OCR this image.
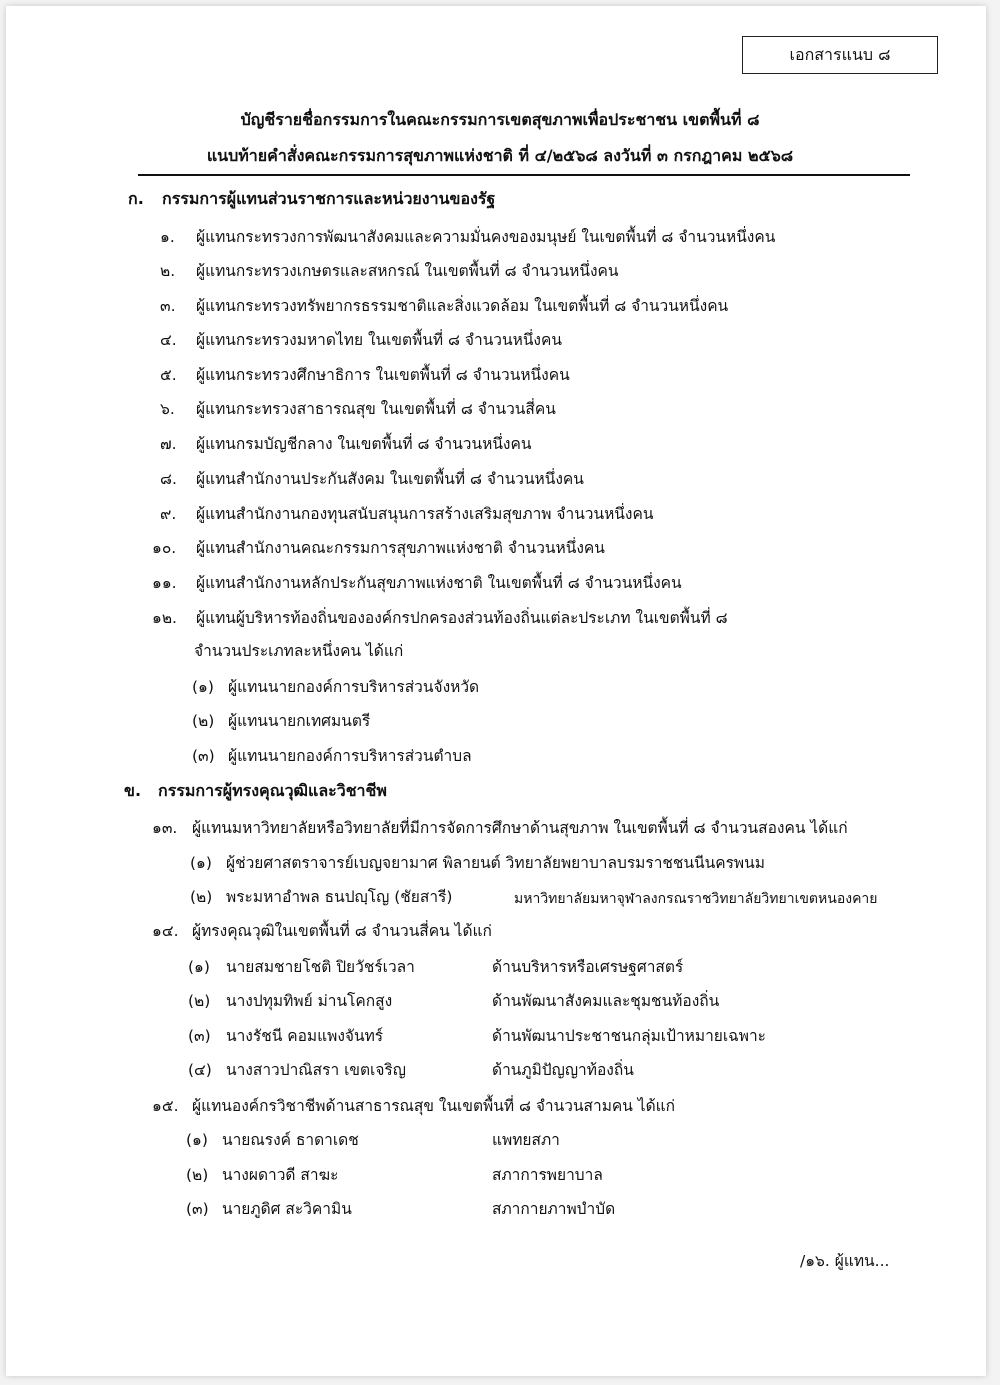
เอกสารแนบ ๘
บัญชีรายชื่อกรรมการในคณะกรรมการเขตสุขภาพเพื่อประชาชน เขตพื้นที่ ๘
แนบท้ายคำสั่งคณะกรรมการสุขภาพแห่งชาติ ที่ ๔/๒๕๖๘ ลงวันที่ ๓ กรกฎาคม ๒๕๖๘
ก. กรรมการผู้แทนส่วนราชการและหน่วยงานของรัฐ
๑. ผู้แทนกระทรวงการพัฒนาสังคมและความมั่นคงของมนุษย์ ในเขตพื้นที่ ๘ จำนวนหนึ่งคน
๒. ผู้แทนกระทรวงเกษตรและสหกรณ์ ในเขตพื้นที่ ๘ จำนวนหนึ่งคน
๓. ผู้แทนกระทรวงทรัพยากรธรรมชาติและสิ่งแวดล้อม ในเขตพื้นที่ ๘ จำนวนหนึ่งคน
๔. ผู้แทนกระทรวงมหาดไทย ในเขตพื้นที่ ๘ จำนวนหนึ่งคน
๕. ผู้แทนกระทรวงศึกษาธิการ ในเขตพื้นที่ ๘ จำนวนหนึ่งคน
๖. ผู้แทนกระทรวงสาธารณสุข ในเขตพื้นที่ ๘ จำนวนสี่คน
๗. ผู้แทนกรมบัญชีกลาง ในเขตพื้นที่ ๘ จำนวนหนึ่งคน
๘. ผู้แทนสำนักงานประกันสังคม ในเขตพื้นที่ ๘ จำนวนหนึ่งคน
๙. ผู้แทนสำนักงานกองทุนสนับสนุนการสร้างเสริมสุขภาพ จำนวนหนึ่งคน
๑๐. ผู้แทนสำนักงานคณะกรรมการสุขภาพแห่งชาติ จำนวนหนึ่งคน
๑๑. ผู้แทนสำนักงานหลักประกันสุขภาพแห่งชาติ ในเขตพื้นที่ ๘ จำนวนหนึ่งคน
๑๒. ผู้แทนผู้บริหารท้องถิ่นขององค์กรปกครองส่วนท้องถิ่นแต่ละประเภท ในเขตพื้นที่ ๘
จำนวนประเภทละหนึ่งคน ได้แก่
(๑) ผู้แทนนายกองค์การบริหารส่วนจังหวัด
(๒) ผู้แทนนายกเทศมนตรี
(๓) ผู้แทนนายกองค์การบริหารส่วนตำบล
ข. กรรมการผู้ทรงคุณวุฒิและวิชาชีพ
๑๓. ผู้แทนมหาวิทยาลัยหรือวิทยาลัยที่มีการจัดการศึกษาด้านสุขภาพ ในเขตพื้นที่ ๘ จำนวนสองคน ได้แก่
(๑) ผู้ช่วยศาสตราจารย์เบญจยามาศ พิลายนต์ วิทยาลัยพยาบาลบรมราชชนนีนครพนม
(๒) พระมหาอำพล ธนปญฺโญ (ชัยสารี)	มหาวิทยาลัยมหาจุฬาลงกรณราชวิทยาลัยวิทยาเขตหนองคาย
๑๔. ผู้ทรงคุณวุฒิในเขตพื้นที่ ๘ จำนวนสี่คน ได้แก่
(๑) นายสมชายโชติ ปิยวัชร์เวลา	ด้านบริหารหรือเศรษฐศาสตร์
(๒) นางปทุมทิพย์ ม่านโคกสูง	ด้านพัฒนาสังคมและชุมชนท้องถิ่น
(๓) นางรัชนี คอมแพงจันทร์	ด้านพัฒนาประชาชนกลุ่มเป้าหมายเฉพาะ
(๔) นางสาวปาณิสรา เขตเจริญ	ด้านภูมิปัญญาท้องถิ่น
๑๕. ผู้แทนองค์กรวิชาชีพด้านสาธารณสุข ในเขตพื้นที่ ๘ จำนวนสามคน ได้แก่
(๑) นายณรงค์ ธาดาเดช	แพทยสภา
(๒) นางผดาวดี สาฆะ	สภาการพยาบาล
(๓) นายภูดิศ สะวิคามิน	สภากายภาพบำบัด
/๑๖. ผู้แทน...
